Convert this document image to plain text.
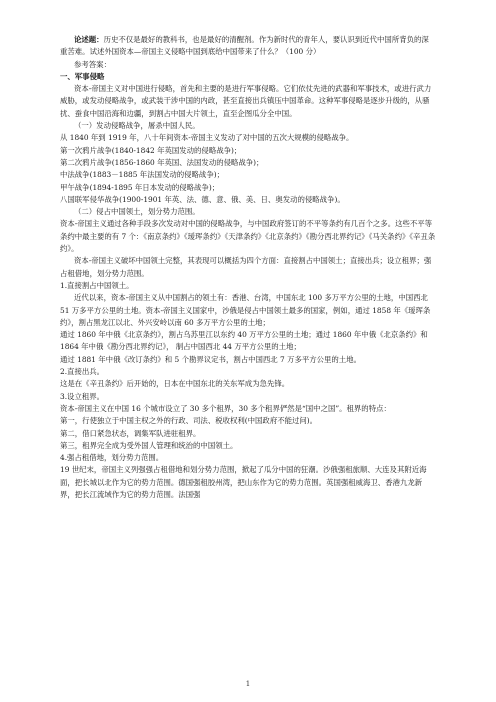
论述题：历史不仅是最好的教科书，也是最好的清醒剂。作为新时代的青年人，要认识到近代中国所背负的深重苦难。试述外国资本—帝国主义侵略中国到底给中国带来了什么？（100 分）

参考答案：

一、军事侵略

资本-帝国主义对中国进行侵略，首先和主要的是进行军事侵略。它们依仗先进的武器和军事技术，或进行武力威胁，或发动侵略战争，或武装干涉中国的内政，甚至直接出兵镇压中国革命。这种军事侵略是逐步升级的，从骚扰、蚕食中国沿海和边疆，到割占中国大片领土，直至企图瓜分全中国。

（一）发动侵略战争，屠杀中国人民。

从 1840 年到 1919 年，八十年间资本-帝国主义发动了对中国的五次大规模的侵略战争。

第一次鸦片战争(1840-1842 年英国发动的侵略战争)；

第二次鸦片战争(1856-1860 年英国、法国发动的侵略战争)；

中法战争(1883－1885 年法国发动的侵略战争)；

甲午战争(1894-1895 年日本发动的侵略战争)；

八国联军侵华战争(1900-1901 年英、法、德、意、俄、美、日、奥发动的侵略战争)。

（二）侵占中国领土，划分势力范围。

资本-帝国主义通过各种手段多次发动对中国的侵略战争，与中国政府签订的不平等条约有几百个之多。这些不平等条约中最主要的有 7 个：《南京条约》《瑷珲条约》《天津条约》《北京条约》《勘分西北界约记》《马关条约》《辛丑条约》。

资本-帝国主义破坏中国领土完整，其表现可以概括为四个方面：直接割占中国领土；直接出兵；设立租界；强占租借地，划分势力范围。

1.直接割占中国领土。

近代以来，资本-帝国主义从中国割占的领土有：香港、台湾，中国东北 100 多万平方公里的土地，中国西北 51 万多平方公里的土地。资本-帝国主义国家中，沙俄是侵占中国领土最多的国家，例如，通过 1858 年《瑷珲条约》，割占黑龙江以北、外兴安岭以南 60 多万平方公里的土地；

通过 1860 年中俄《北京条约》，割占乌苏里江以东约 40 万平方公里的土地；通过 1860 年中俄《北京条约》和 1864 年中俄《勘分西北界约记》， 制占中国西北 44 万平方公里的土地；

通过 1881 年中俄《改订条约》和 5 个勘界议定书，割占中国西北 7 万多平方公里的土地。

2.直接出兵。

这是在《辛丑条约》后开始的，日本在中国东北的关东军成为急先锋。

3.设立租界。

资本-帝国主义在中国 16 个城市设立了 30 多个租界，30 多个租界俨然是“国中之国”。租界的特点：

第一，行使独立于中国主权之外的行政、司法、税收权利(中国政府不能过问)。

第二，借口紧急状态，调集军队进驻租界。

第三，租界完全成为受外国人管理和统治的中国领土。

4.强占租借地，划分势力范围。

19 世纪末，帝国主义列强强占租借地和划分势力范围，掀起了瓜分中国的狂潮。沙俄强租旅顺、大连及其附近海面，把长城以北作为它的势力范围。德国强租胶州湾，把山东作为它的势力范围。英国强租威海卫、香港九龙新界，把长江流域作为它的势力范围。法国强

1
